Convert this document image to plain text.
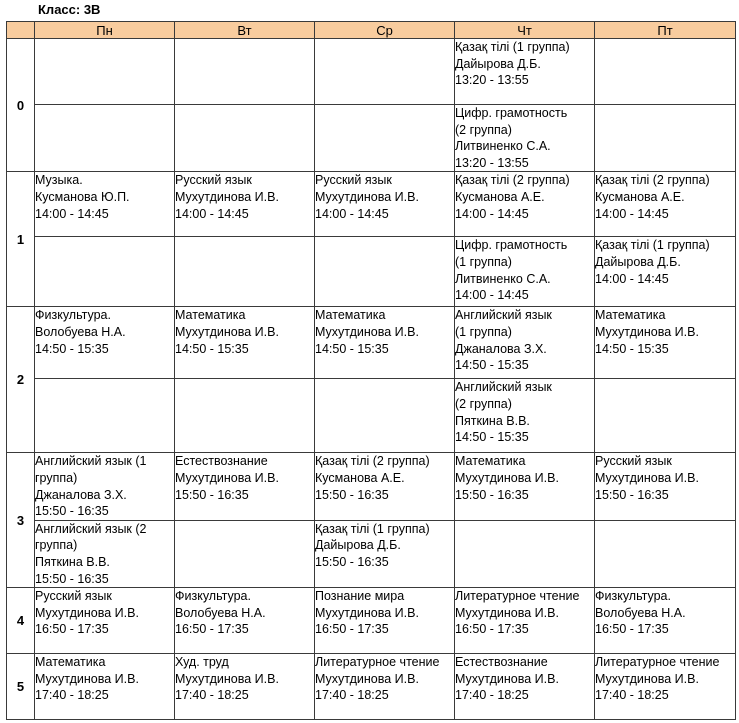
Класс: 3В
	Пн	Вт	Ср	Чт	Пт
0				Қазақ тілі (1 группа)
Дайырова Д.Б.
13:20 - 13:55	
				Цифр. грамотность
(2 группа)
Литвиненко С.А.
13:20 - 13:55	
1	Музыка.
Кусманова Ю.П.
14:00 - 14:45	Русский язык
Мухутдинова И.В.
14:00 - 14:45	Русский язык
Мухутдинова И.В.
14:00 - 14:45	Қазақ тілі (2 группа)
Кусманова А.Е.
14:00 - 14:45	Қазақ тілі (2 группа)
Кусманова А.Е.
14:00 - 14:45
				Цифр. грамотность
(1 группа)
Литвиненко С.А.
14:00 - 14:45	Қазақ тілі (1 группа)
Дайырова Д.Б.
14:00 - 14:45
2	Физкультура.
Волобуева Н.А.
14:50 - 15:35	Математика
Мухутдинова И.В.
14:50 - 15:35	Математика
Мухутдинова И.В.
14:50 - 15:35	Английский язык
(1 группа)
Джаналова З.Х.
14:50 - 15:35	Математика
Мухутдинова И.В.
14:50 - 15:35
				Английский язык
(2 группа)
Пяткина В.В.
14:50 - 15:35	
3	Английский язык (1
группа)
Джаналова З.Х.
15:50 - 16:35	Естествознание
Мухутдинова И.В.
15:50 - 16:35	Қазақ тілі (2 группа)
Кусманова А.Е.
15:50 - 16:35	Математика
Мухутдинова И.В.
15:50 - 16:35	Русский язык
Мухутдинова И.В.
15:50 - 16:35
	Английский язык (2
группа)
Пяткина В.В.
15:50 - 16:35		Қазақ тілі (1 группа)
Дайырова Д.Б.
15:50 - 16:35		
4	Русский язык
Мухутдинова И.В.
16:50 - 17:35	Физкультура.
Волобуева Н.А.
16:50 - 17:35	Познание мира
Мухутдинова И.В.
16:50 - 17:35	Литературное чтение
Мухутдинова И.В.
16:50 - 17:35	Физкультура.
Волобуева Н.А.
16:50 - 17:35
5	Математика
Мухутдинова И.В.
17:40 - 18:25	Худ. труд
Мухутдинова И.В.
17:40 - 18:25	Литературное чтение
Мухутдинова И.В.
17:40 - 18:25	Естествознание
Мухутдинова И.В.
17:40 - 18:25	Литературное чтение
Мухутдинова И.В.
17:40 - 18:25
